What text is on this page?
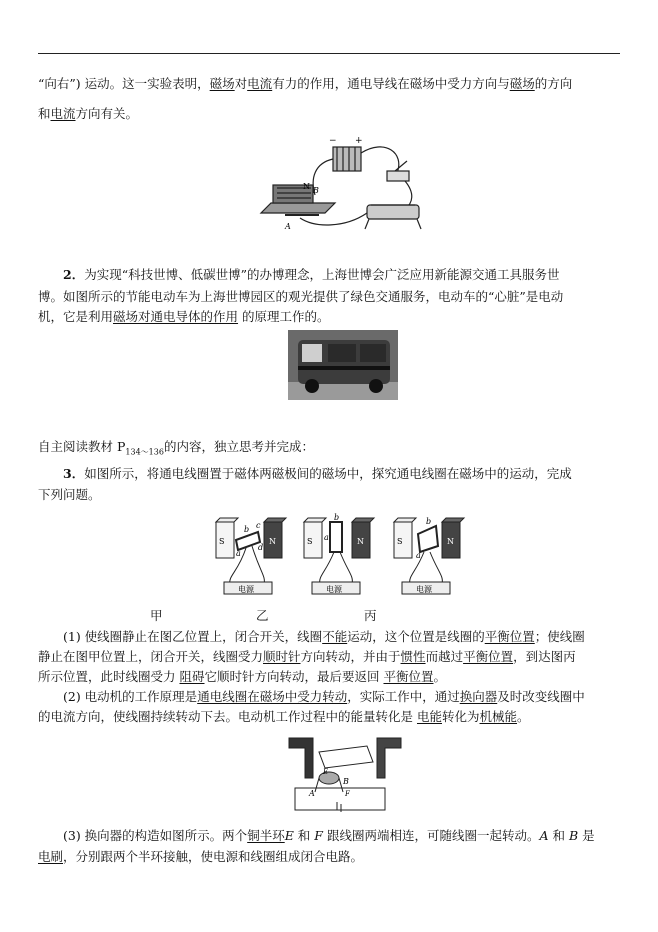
“向右”) 运动。这一实验表明，磁场对电流有力的作用，通电导线在磁场中受力方向与磁场的方向

和电流方向有关。

− +
N B
A

2．为实现“科技世博、低碳世博”的办博理念，上海世博会广泛应用新能源交通工具服务世

博。如图所示的节能电动车为上海世博园区的观光提供了绿色交通服务，电动车的“心脏”是电动

机，它是利用磁场对通电导体的作用 的原理工作的。

自主阅读教材 $P_{134\sim 136}$的内容，独立思考并完成：

3．如图所示，将通电线圈置于磁体两磁极间的磁场中，探究通电线圈在磁场中的运动，完成

下列问题。

S	N
b c
a
d
电源
S	N
b
a
电源
S	N
b
a
电源
甲	乙	丙

(1) 使线圈静止在图乙位置上，闭合开关，线圈不能运动，这个位置是线圈的平衡位置；使线圈

静止在图甲位置上，闭合开关，线圈受力顺时针方向转动，并由于惯性而越过平衡位置，到达图丙

所示位置，此时线圈受力 阻碍它顺时针方向转动，最后要返回 平衡位置。

(2) 电动机的工作原理是通电线圈在磁场中受力转动，实际工作中，通过换向器及时改变线圈中

的电流方向，使线圈持续转动下去。电动机工作过程中的能量转化是 电能转化为机械能。

N	S
A
B
E
F

(3) 换向器的构造如图所示。两个铜半环E 和 F 跟线圈两端相连，可随线圈一起转动。A 和 B 是

电刷，分别跟两个半环接触，使电源和线圈组成闭合电路。
